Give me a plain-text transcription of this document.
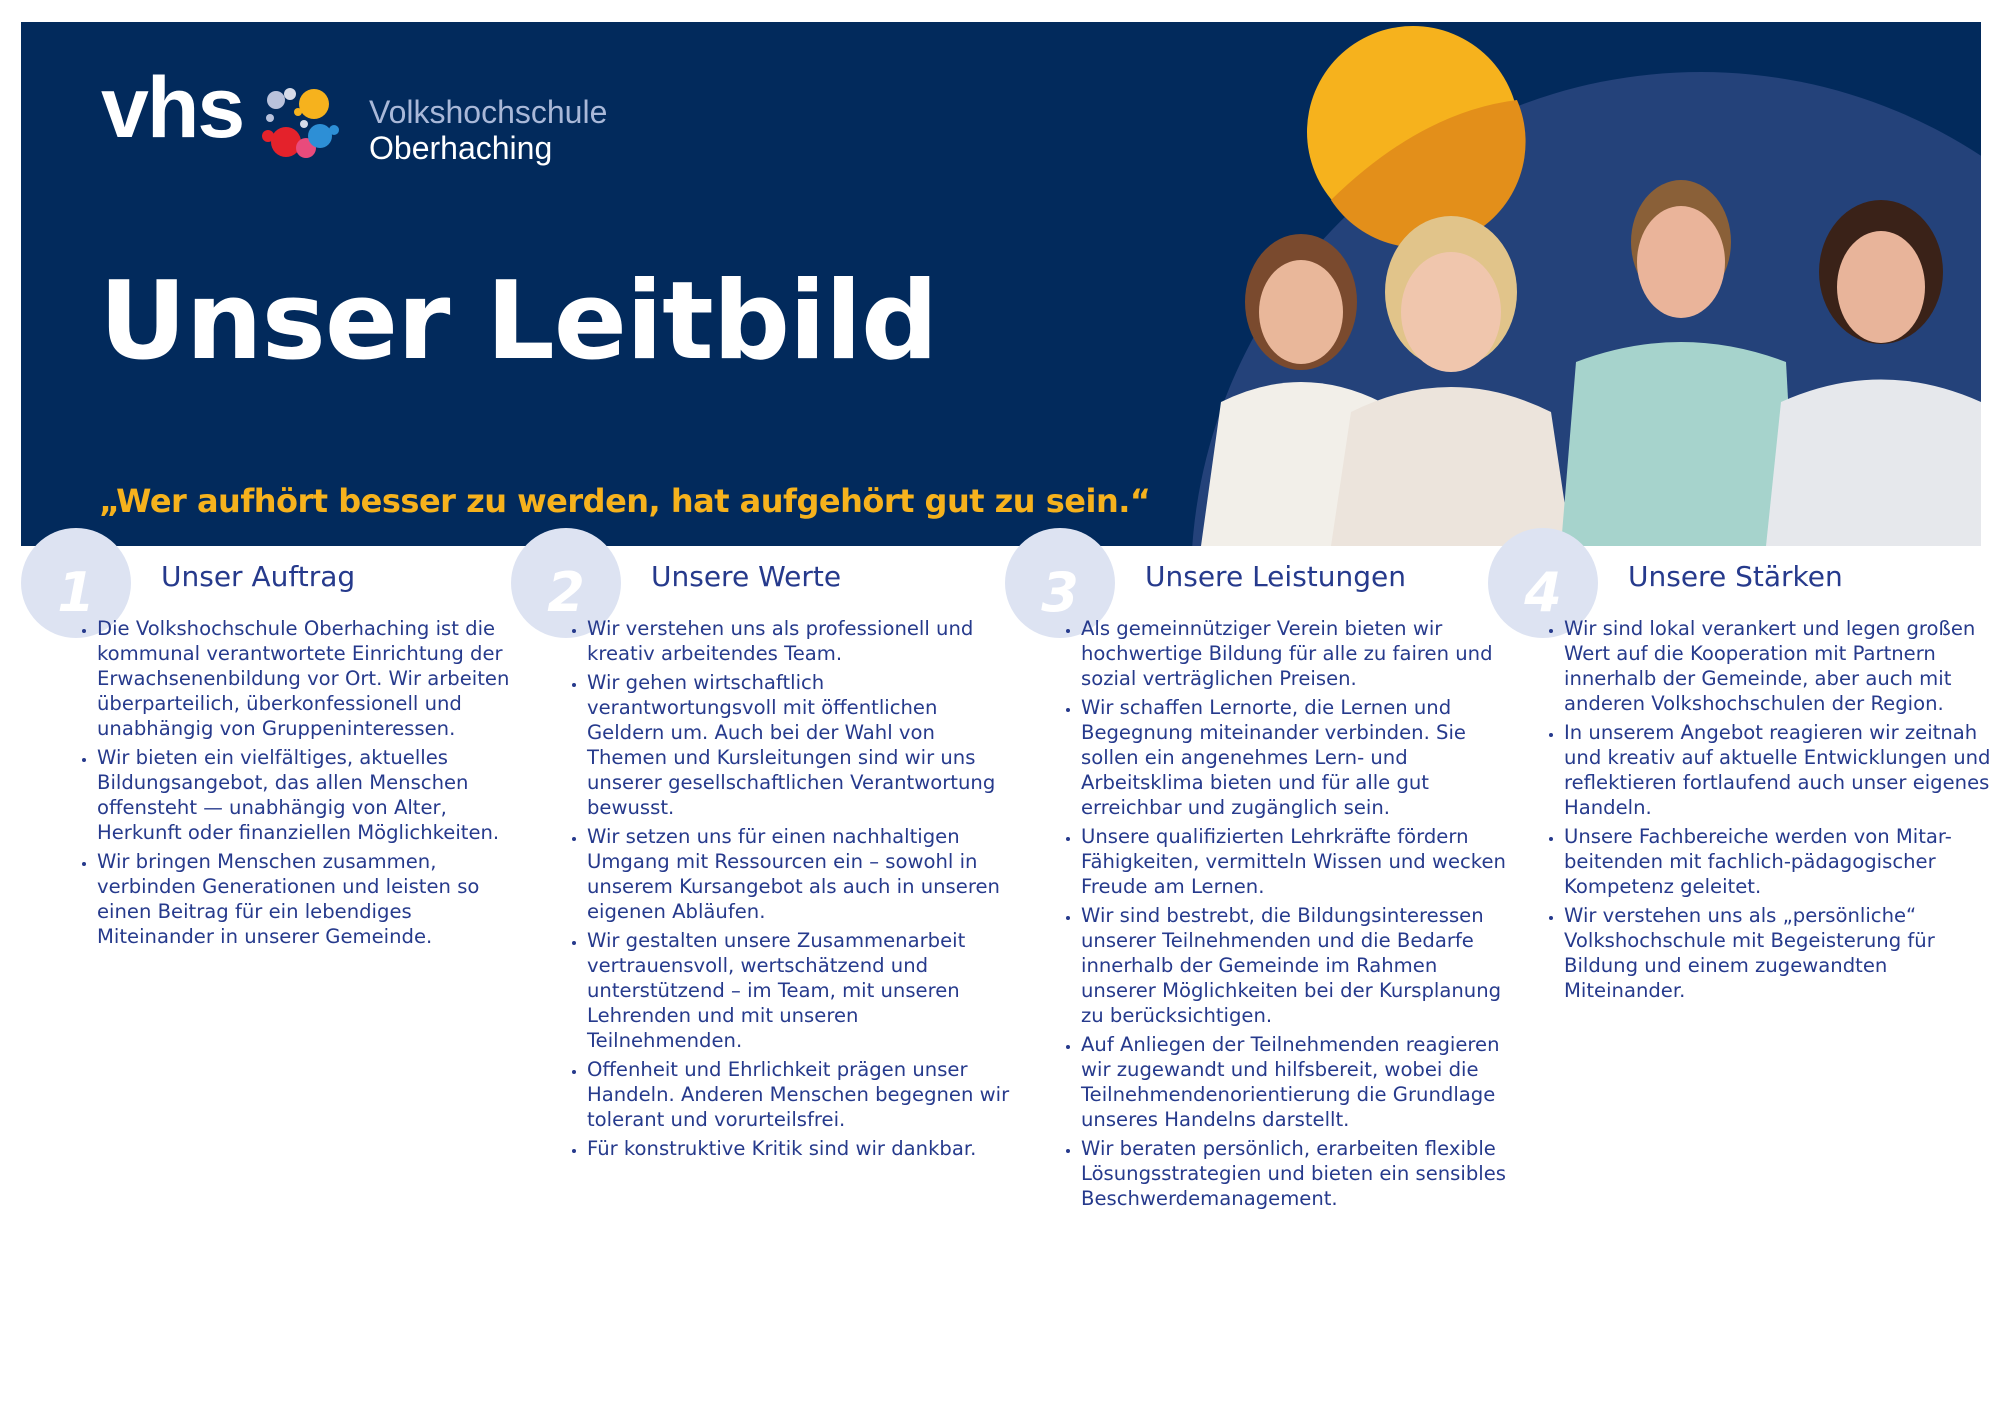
vhs	Volkshochschule
Oberhaching
Unser Leitbild
„Wer aufhört besser zu werden, hat aufgehört gut zu sein.“
1	Unser Auftrag
• Die Volkshochschule Oberhaching ist die kommunal verantwortete Einrichtung der Erwachsenenbildung vor Ort. Wir arbeiten überparteilich, überkonfessionell und unabhängig von Gruppeninteressen.
• Wir bieten ein vielfältiges, aktuelles Bildungsangebot, das allen Menschen offensteht — unabhängig von Alter, Herkunft oder finanziellen Möglichkeiten.
• Wir bringen Menschen zusammen, verbinden Generationen und leisten so einen Beitrag für ein lebendiges Miteinander in unserer Gemeinde.
2	Unsere Werte
• Wir verstehen uns als professionell und kreativ arbeitendes Team.
• Wir gehen wirtschaftlich verantwortungsvoll mit öffentlichen Geldern um. Auch bei der Wahl von Themen und Kursleitungen sind wir uns unserer gesellschaftlichen Verantwortung bewusst.
• Wir setzen uns für einen nachhaltigen Umgang mit Ressourcen ein – sowohl in unserem Kursangebot als auch in unseren eigenen Abläufen.
• Wir gestalten unsere Zusammenarbeit vertrauensvoll, wertschätzend und unterstützend – im Team, mit unseren Lehrenden und mit unseren Teilnehmenden.
• Offenheit und Ehrlichkeit prägen unser Handeln. Anderen Menschen begegnen wir tolerant und vorurteilsfrei.
• Für konstruktive Kritik sind wir dankbar.
3	Unsere Leistungen
• Als gemeinnütziger Verein bieten wir hochwertige Bildung für alle zu fairen und sozial verträglichen Preisen.
• Wir schaffen Lernorte, die Lernen und Begegnung miteinander verbinden. Sie sollen ein angenehmes Lern- und Arbeitsklima bieten und für alle gut erreichbar und zugänglich sein.
• Unsere qualifizierten Lehrkräfte fördern Fähigkeiten, vermitteln Wissen und wecken Freude am Lernen.
• Wir sind bestrebt, die Bildungsinteressen unserer Teilnehmenden und die Bedarfe innerhalb der Gemeinde im Rahmen unserer Möglichkeiten bei der Kursplanung zu berücksichtigen.
• Auf Anliegen der Teilnehmenden reagieren wir zugewandt und hilfsbereit, wobei die Teilnehmendenorientierung die Grundlage unseres Handelns darstellt.
• Wir beraten persönlich, erarbeiten flexible Lösungsstrategien und bieten ein sensibles Beschwerdemanagement.
4	Unsere Stärken
• Wir sind lokal verankert und legen großen Wert auf die Kooperation mit Partnern innerhalb der Gemeinde, aber auch mit anderen Volkshochschulen der Region.
• In unserem Angebot reagieren wir zeitnah und kreativ auf aktuelle Entwicklungen und reflektieren fortlaufend auch unser eigenes Handeln.
• Unsere Fachbereiche werden von Mitar-beitenden mit fachlich-pädagogischer Kompetenz geleitet.
• Wir verstehen uns als „persönliche“ Volkshochschule mit Begeisterung für Bildung und einem zugewandten Miteinander.
